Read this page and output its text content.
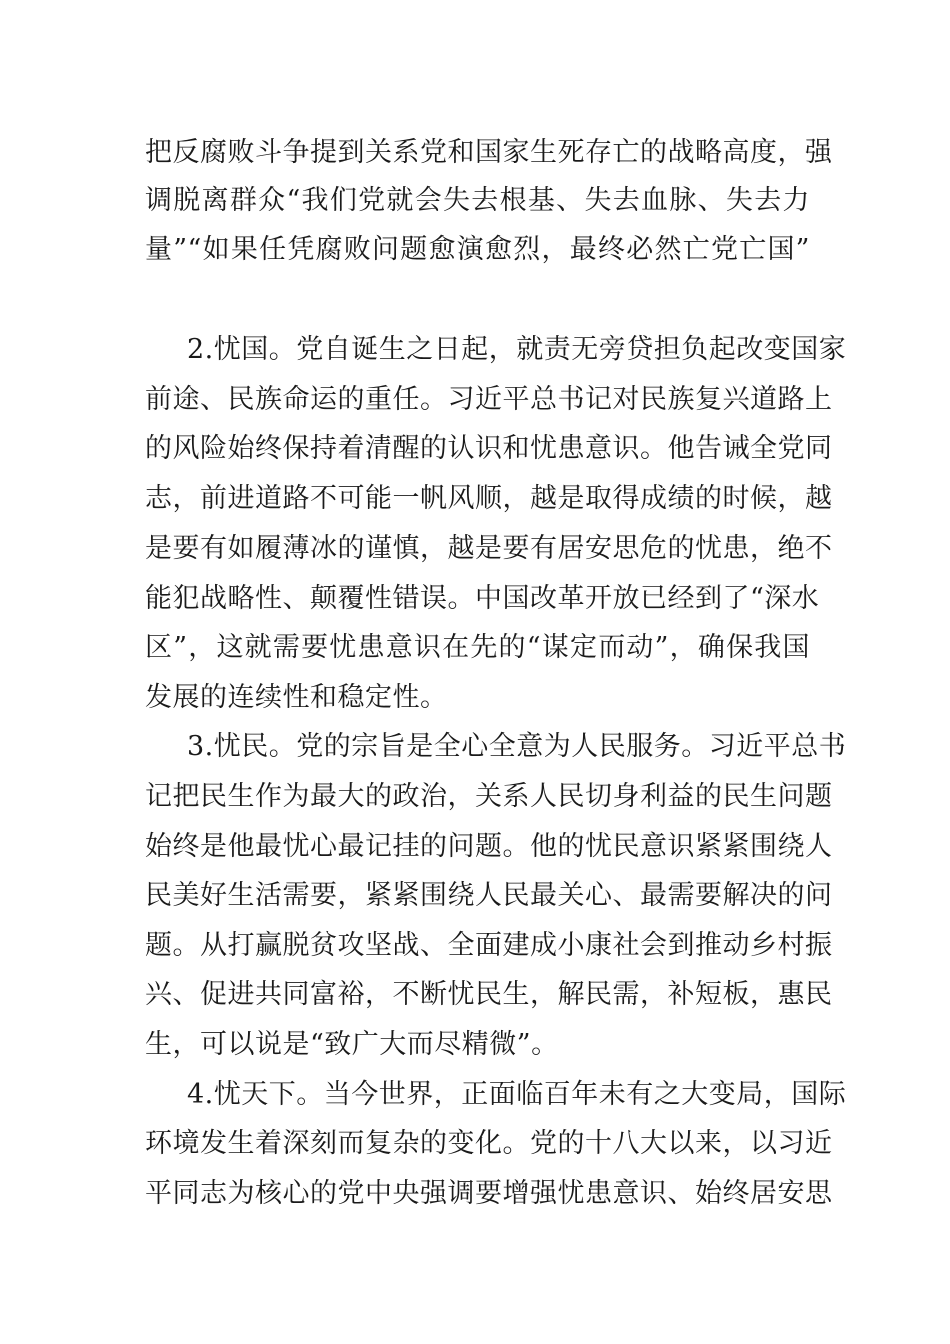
把反腐败斗争提到关系党和国家生死存亡的战略高度，强
调脱离群众“我们党就会失去根基、失去血脉、失去力
量”“如果任凭腐败问题愈演愈烈，最终必然亡党亡国”
2.忧国。党自诞生之日起，就责无旁贷担负起改变国家
前途、民族命运的重任。习近平总书记对民族复兴道路上
的风险始终保持着清醒的认识和忧患意识。他告诫全党同
志，前进道路不可能一帆风顺，越是取得成绩的时候，越
是要有如履薄冰的谨慎，越是要有居安思危的忧患，绝不
能犯战略性、颠覆性错误。中国改革开放已经到了“深水
区”，这就需要忧患意识在先的“谋定而动”，确保我国
发展的连续性和稳定性。
3.忧民。党的宗旨是全心全意为人民服务。习近平总书
记把民生作为最大的政治，关系人民切身利益的民生问题
始终是他最忧心最记挂的问题。他的忧民意识紧紧围绕人
民美好生活需要，紧紧围绕人民最关心、最需要解决的问
题。从打赢脱贫攻坚战、全面建成小康社会到推动乡村振
兴、促进共同富裕，不断忧民生，解民需，补短板，惠民
生，可以说是“致广大而尽精微”。
4.忧天下。当今世界，正面临百年未有之大变局，国际
环境发生着深刻而复杂的变化。党的十八大以来，以习近
平同志为核心的党中央强调要增强忧患意识、始终居安思
